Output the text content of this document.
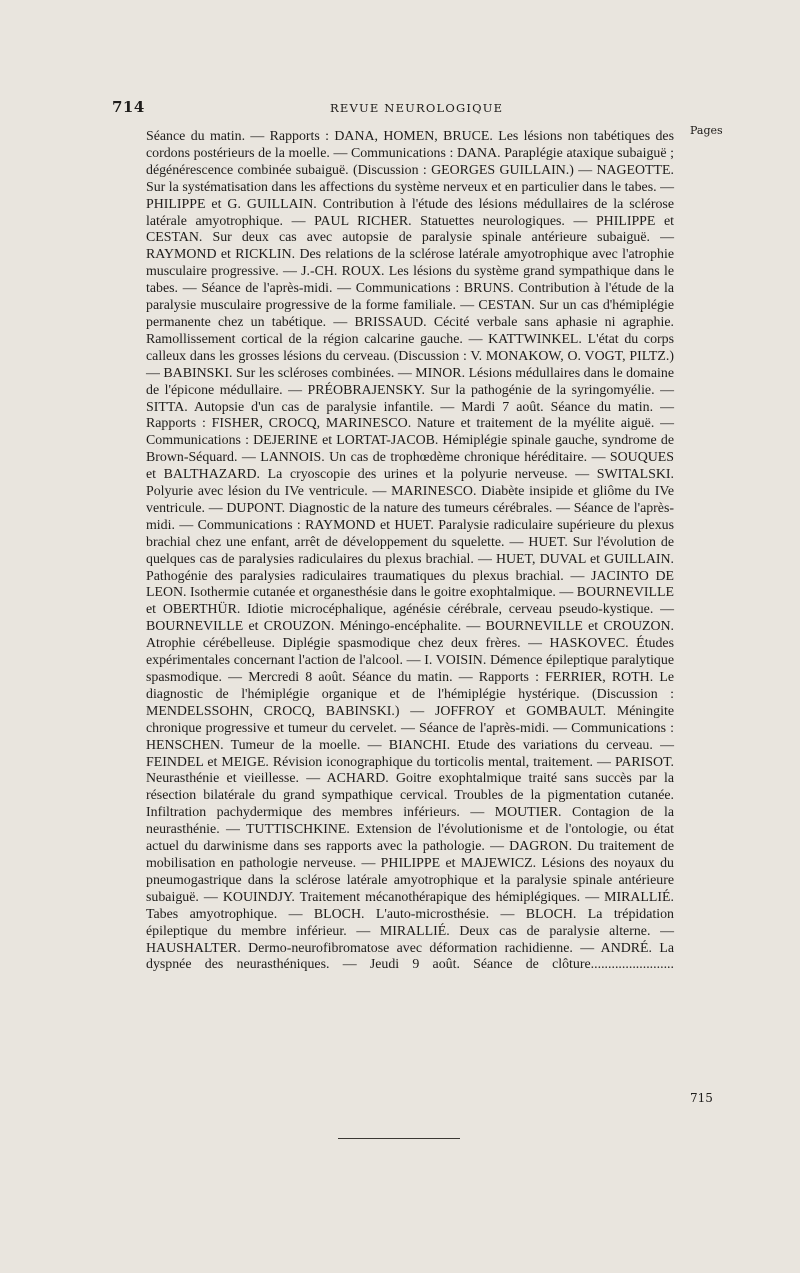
714	REVUE NEUROLOGIQUE
Pages

Séance du matin. — Rapports : DANA, HOMEN, BRUCE. Les lésions non tabétiques des cordons postérieurs de la moelle. — Communications : DANA. Paraplégie ataxique subaiguë ; dégénérescence combinée subaiguë. (Discussion : GEORGES GUILLAIN.) — NAGEOTTE. Sur la systématisation dans les affections du système nerveux et en particulier dans le tabes. — PHILIPPE et G. GUILLAIN. Contribution à l'étude des lésions médullaires de la sclérose latérale amyotrophique. — PAUL RICHER. Statuettes neurologiques. — PHILIPPE et CESTAN. Sur deux cas avec autopsie de paralysie spinale antérieure subaiguë. — RAYMOND et RICKLIN. Des relations de la sclérose latérale amyotrophique avec l'atrophie musculaire progressive. — J.-CH. ROUX. Les lésions du système grand sympathique dans le tabes. — Séance de l'après-midi. — Communications : BRUNS. Contribution à l'étude de la paralysie musculaire progressive de la forme familiale. — CESTAN. Sur un cas d'hémiplégie permanente chez un tabétique. — BRISSAUD. Cécité verbale sans aphasie ni agraphie. Ramollissement cortical de la région calcarine gauche. — KATTWINKEL. L'état du corps calleux dans les grosses lésions du cerveau. (Discussion : V. MONAKOW, O. VOGT, PILTZ.) — BABINSKI. Sur les scléroses combinées. — MINOR. Lésions médullaires dans le domaine de l'épicone médullaire. — PRÉOBRAJENSKY. Sur la pathogénie de la syringomyélie. — SITTA. Autopsie d'un cas de paralysie infantile. — Mardi 7 août. Séance du matin. — Rapports : FISHER, CROCQ, MARINESCO. Nature et traitement de la myélite aiguë. — Communications : DEJERINE et LORTAT-JACOB. Hémiplégie spinale gauche, syndrome de Brown-Séquard. — LANNOIS. Un cas de trophœdème chronique héréditaire. — SOUQUES et BALTHAZARD. La cryoscopie des urines et la polyurie nerveuse. — SWITALSKI. Polyurie avec lésion du IVe ventricule. — MARINESCO. Diabète insipide et gliôme du IVe ventricule. — DUPONT. Diagnostic de la nature des tumeurs cérébrales. — Séance de l'après-midi. — Communications : RAYMOND et HUET. Paralysie radiculaire supérieure du plexus brachial chez une enfant, arrêt de développement du squelette. — HUET. Sur l'évolution de quelques cas de paralysies radiculaires du plexus brachial. — HUET, DUVAL et GUILLAIN. Pathogénie des paralysies radiculaires traumatiques du plexus brachial. — JACINTO DE LEON. Isothermie cutanée et organesthésie dans le goitre exophtalmique. — BOURNEVILLE et OBERTHÜR. Idiotie microcéphalique, agénésie cérébrale, cerveau pseudo-kystique. — BOURNEVILLE et CROUZON. Méningo-encéphalite. — BOURNEVILLE et CROUZON. Atrophie cérébelleuse. Diplégie spasmodique chez deux frères. — HASKOVEC. Études expérimentales concernant l'action de l'alcool. — I. VOISIN. Démence épileptique paralytique spasmodique. — Mercredi 8 août. Séance du matin. — Rapports : FERRIER, ROTH. Le diagnostic de l'hémiplégie organique et de l'hémiplégie hystérique. (Discussion : MENDELSSOHN, CROCQ, BABINSKI.) — JOFFROY et GOMBAULT. Méningite chronique progressive et tumeur du cervelet. — Séance de l'après-midi. — Communications : HENSCHEN. Tumeur de la moelle. — BIANCHI. Etude des variations du cerveau. — FEINDEL et MEIGE. Révision iconographique du torticolis mental, traitement. — PARISOT. Neurasthénie et vieillesse. — ACHARD. Goitre exophtalmique traité sans succès par la résection bilatérale du grand sympathique cervical. Troubles de la pigmentation cutanée. Infiltration pachydermique des membres inférieurs. — MOUTIER. Contagion de la neurasthénie. — TUTTISCHKINE. Extension de l'évolutionisme et de l'ontologie, ou état actuel du darwinisme dans ses rapports avec la pathologie. — DAGRON. Du traitement de mobilisation en pathologie nerveuse. — PHILIPPE et MAJEWICZ. Lésions des noyaux du pneumogastrique dans la sclérose latérale amyotrophique et la paralysie spinale antérieure subaiguë. — KOUINDJY. Traitement mécanothérapique des hémiplégiques. — MIRALLIÉ. Tabes amyotrophique. — BLOCH. L'auto-microsthésie. — BLOCH. La trépidation épileptique du membre inférieur. — MIRALLIÉ. Deux cas de paralysie alterne. — HAUSHALTER. Dermo-neurofibromatose avec déformation rachidienne. — ANDRÉ. La dyspnée des neurasthéniques. — Jeudi 9 août. Séance de clôture........................

715
